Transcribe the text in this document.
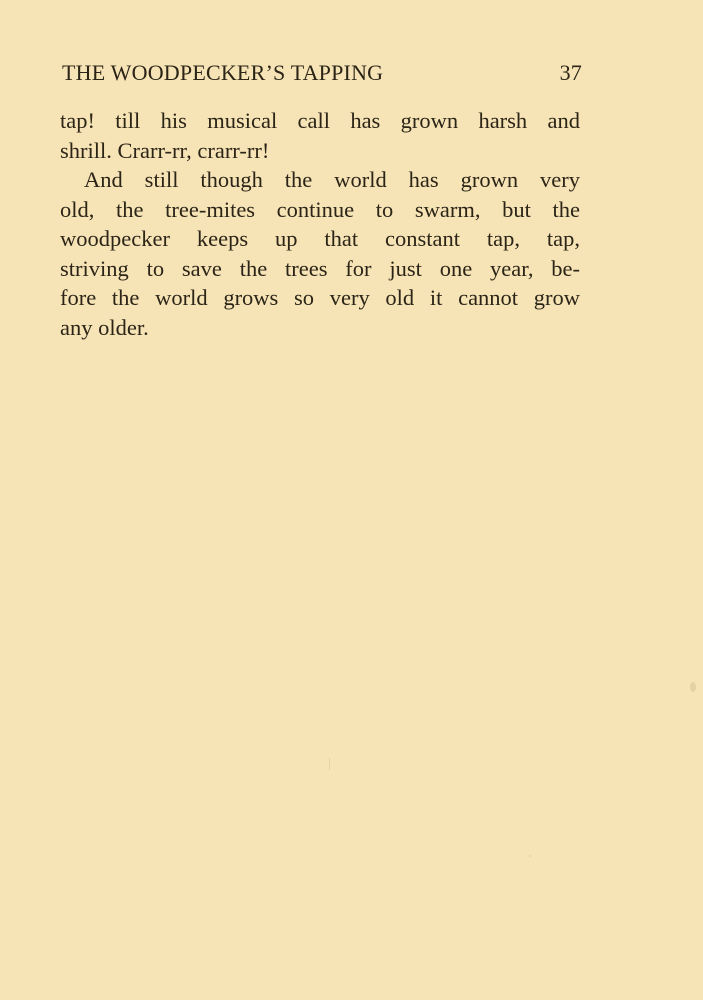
THE WOODPECKER’S TAPPING	37
tap! till his musical call has grown harsh and
shrill. Crarr-rr, crarr-rr!
And still though the world has grown very
old, the tree-mites continue to swarm, but the
woodpecker keeps up that constant tap, tap,
striving to save the trees for just one year, be-
fore the world grows so very old it cannot grow
any older.
